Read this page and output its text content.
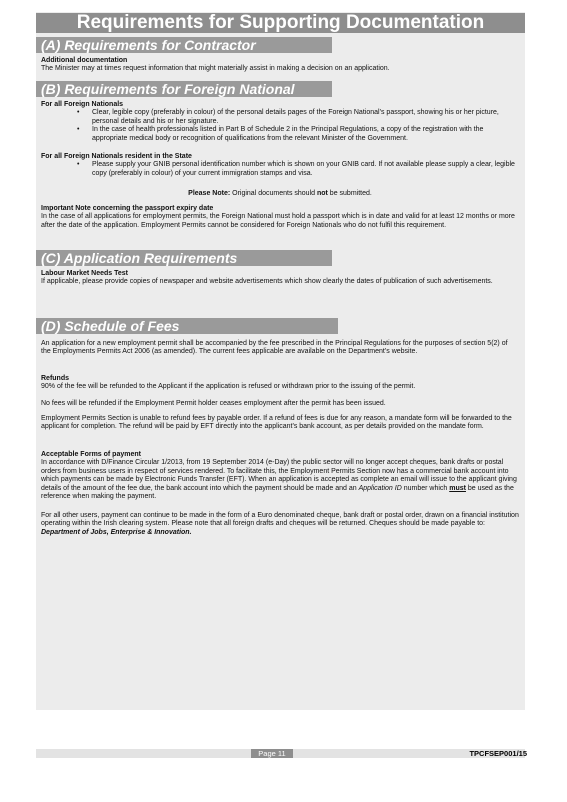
Requirements for Supporting Documentation
(A) Requirements for Contractor

Additional documentation

The Minister may at times request information that might materially assist in making a decision on an application.

(B) Requirements for Foreign National

For all Foreign Nationals

• Clear, legible copy (preferably in colour) of the personal details pages of the Foreign National’s passport, showing his or her picture, personal details and his or her signature.
• In the case of health professionals listed in Part B of Schedule 2 in the Principal Regulations, a copy of the registration with the appropriate medical body or recognition of qualifications from the relevant Minister of the Government.

For all Foreign Nationals resident in the State

• Please supply your GNIB personal identification number which is shown on your GNIB card. If not available please supply a clear, legible copy (preferably in colour) of your current immigration stamps and visa.
Please Note: Original documents should not be submitted.

Important Note concerning the passport expiry date

In the case of all applications for employment permits, the Foreign National must hold a passport which is in date and valid for at least 12 months or more after the date of the application. Employment Permits cannot be considered for Foreign Nationals who do not fulfil this requirement.

(C) Application Requirements

Labour Market Needs Test

If applicable, please provide copies of newspaper and website advertisements which show clearly the dates of publication of such advertisements.

(D) Schedule of Fees

An application for a new employment permit shall be accompanied by the fee prescribed in the Principal Regulations for the purposes of section 5(2) of the Employments Permits Act 2006 (as amended). The current fees applicable are available on the Department’s website.

Refunds

90% of the fee will be refunded to the Applicant if the application is refused or withdrawn prior to the issuing of the permit.

No fees will be refunded if the Employment Permit holder ceases employment after the permit has been issued.

Employment Permits Section is unable to refund fees by payable order. If a refund of fees is due for any reason, a mandate form will be forwarded to the applicant for completion. The refund will be paid by EFT directly into the applicant's bank account, as per details provided on the mandate form.

Acceptable Forms of payment

In accordance with D/Finance Circular 1/2013, from 19 September 2014 (e-Day) the public sector will no longer accept cheques, bank drafts or postal orders from business users in respect of services rendered. To facilitate this, the Employment Permits Section now has a commercial bank account into which payments can be made by Electronic Funds Transfer (EFT). When an application is accepted as complete an email will issue to the applicant giving details of the amount of the fee due, the bank account into which the payment should be made and an Application ID number which must be used as the reference when making the payment.

For all other users, payment can continue to be made in the form of a Euro denominated cheque, bank draft or postal order, drawn on a financial institution operating within the Irish clearing system. Please note that all foreign drafts and cheques will be returned. Cheques should be made payable to: Department of Jobs, Enterprise & Innovation.

Page 11	TPCFSEP001/15
